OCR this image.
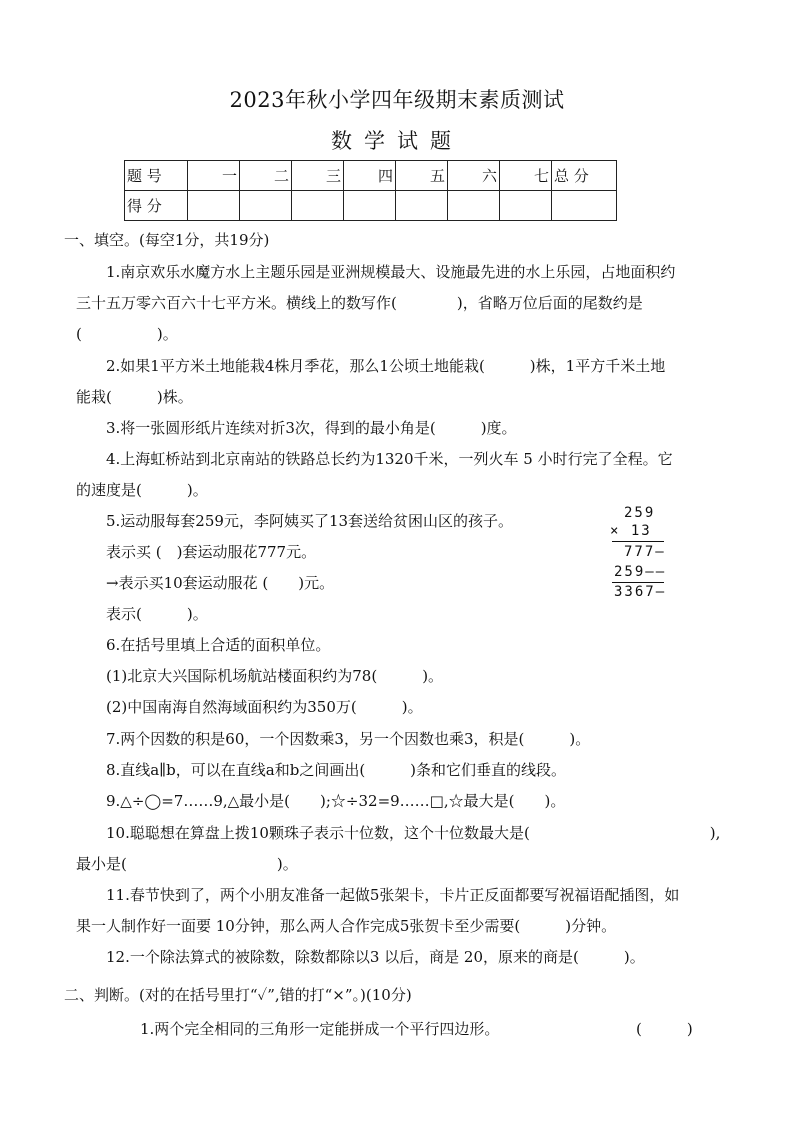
2023年秋小学四年级期末素质测试
数学试题
题 号	一	二	三	四	五	六	七	总 分
得 分								
一、填空。(每空1分，共19分)
1.南京欢乐水魔方水上主题乐园是亚洲规模最大、设施最先进的水上乐园，占地面积约
三十五万零六百六十七平方米。横线上的数写作(　　　　)，省略万位后面的尾数约是
(　　　　　)。
2.如果1平方米土地能栽4株月季花，那么1公顷土地能栽(　　　)株，1平方千米土地
能栽(　　　)株。
3.将一张圆形纸片连续对折3次，得到的最小角是(　　　)度。
4.上海虹桥站到北京南站的铁路总长约为1320千米，一列火车 5 小时行完了全程。它
的速度是(　　　)。
5.运动服每套259元，李阿姨买了13套送给贫困山区的孩子。
表示买 (　)套运动服花777元。
→表示买10套运动服花 (　　)元。
表示(　　　)。
259
× 13
777—
259——
3367—
6.在括号里填上合适的面积单位。
(1)北京大兴国际机场航站楼面积约为78(　　　)。
(2)中国南海自然海域面积约为350万(　　　)。
7.两个因数的积是60，一个因数乘3，另一个因数也乘3，积是(　　　)。
8.直线a∥b，可以在直线a和b之间画出(　　　)条和它们垂直的线段。
9.△÷◯=7……9,△最小是(　　);☆÷32=9……□,☆最大是(　　)。
10.聪聪想在算盘上拨10颗珠子表示十位数，这个十位数最大是(　　　　　　　　　　　　),
最小是(　　　　　　　　　　)。
11.春节快到了，两个小朋友准备一起做5张架卡，卡片正反面都要写祝福语配插图，如
果一人制作好一面要 10分钟，那么两人合作完成5张贺卡至少需要(　　　)分钟。
12.一个除法算式的被除数，除数都除以3 以后，商是 20，原来的商是(　　　)。
二、判断。(对的在括号里打“✓”,错的打“×”。)(10分)
1.两个完全相同的三角形一定能拼成一个平行四边形。	(　　　)
